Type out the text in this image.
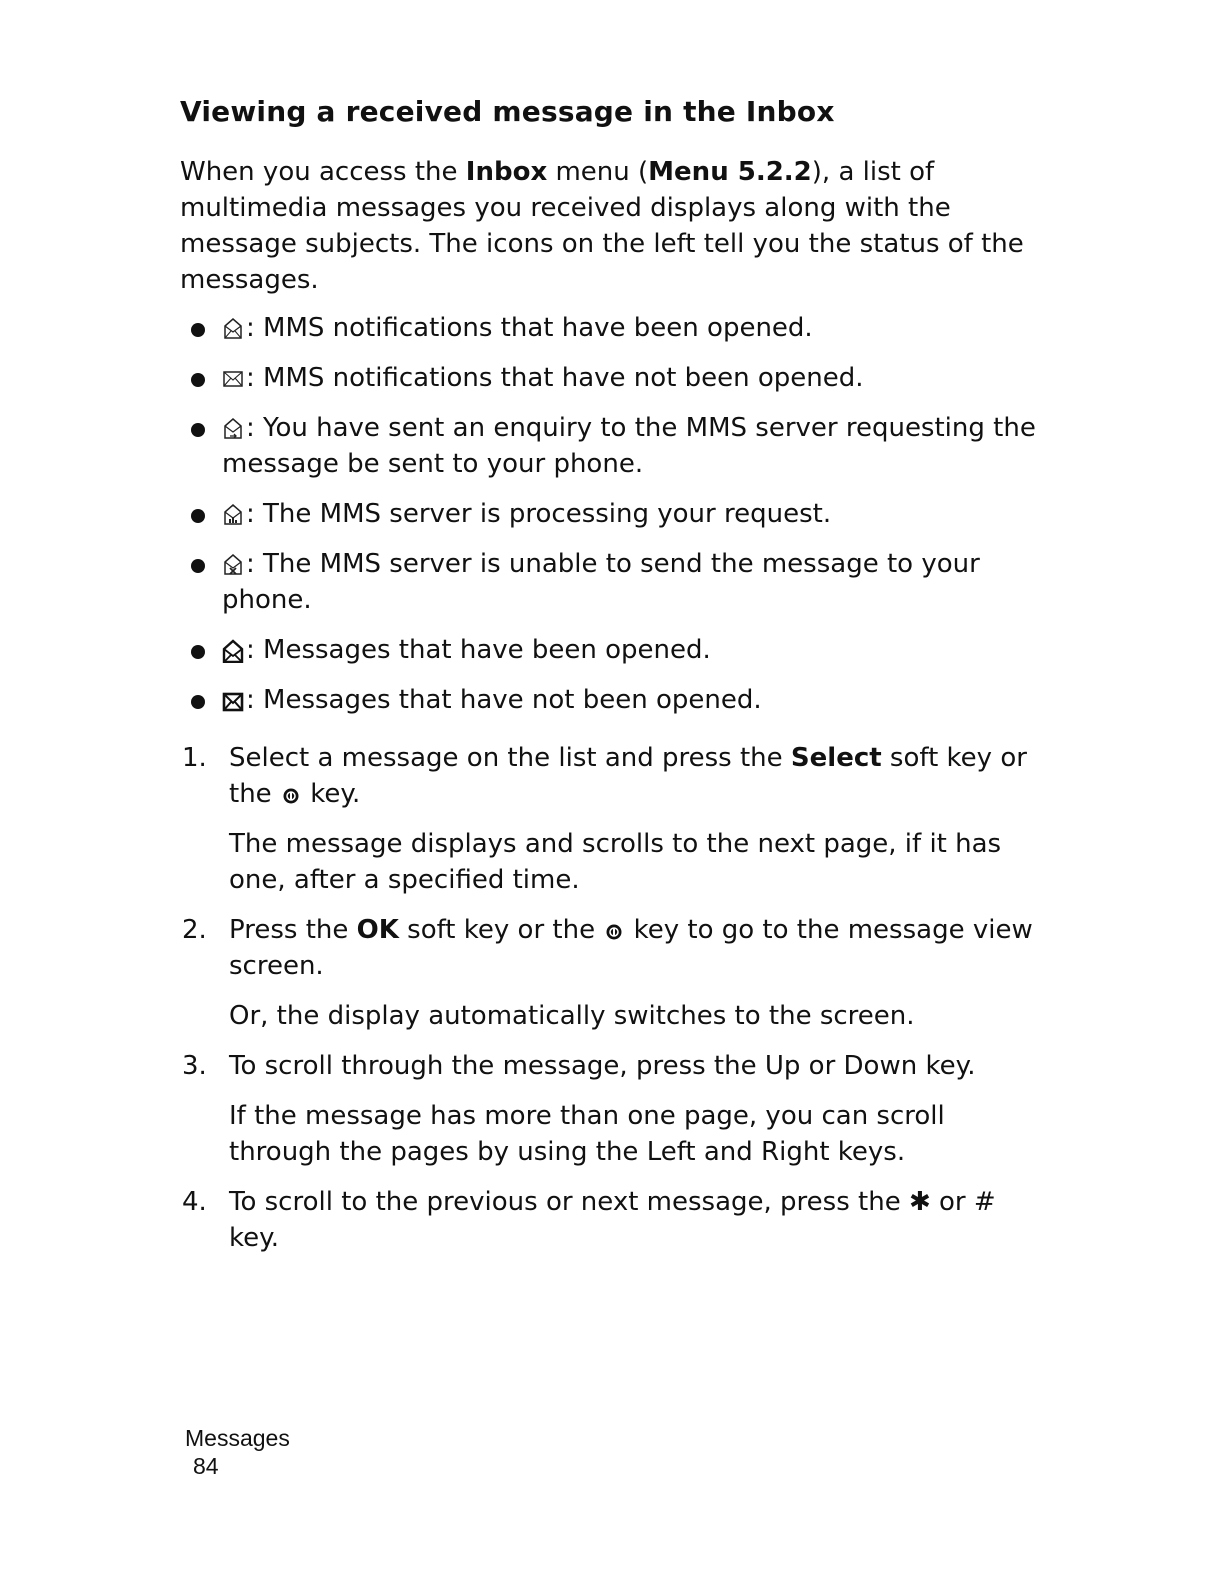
Viewing a received message in the Inbox
When you access the Inbox menu (Menu 5.2.2), a list of multimedia messages you received displays along with the message subjects. The icons on the left tell you the status of the messages.
: MMS notifications that have been opened.
: MMS notifications that have not been opened.
: You have sent an enquiry to the MMS server requesting the message be sent to your phone.
: The MMS server is processing your request.
: The MMS server is unable to send the message to your phone.
: Messages that have been opened.
: Messages that have not been opened.
1. Select a message on the list and press the Select soft key or the  key.
The message displays and scrolls to the next page, if it has one, after a specified time.
2. Press the OK soft key or the  key to go to the message view screen.
Or, the display automatically switches to the screen.
3. To scroll through the message, press the Up or Down key.
If the message has more than one page, you can scroll through the pages by using the Left and Right keys.
4. To scroll to the previous or next message, press the ✱ or # key.
Messages
84
